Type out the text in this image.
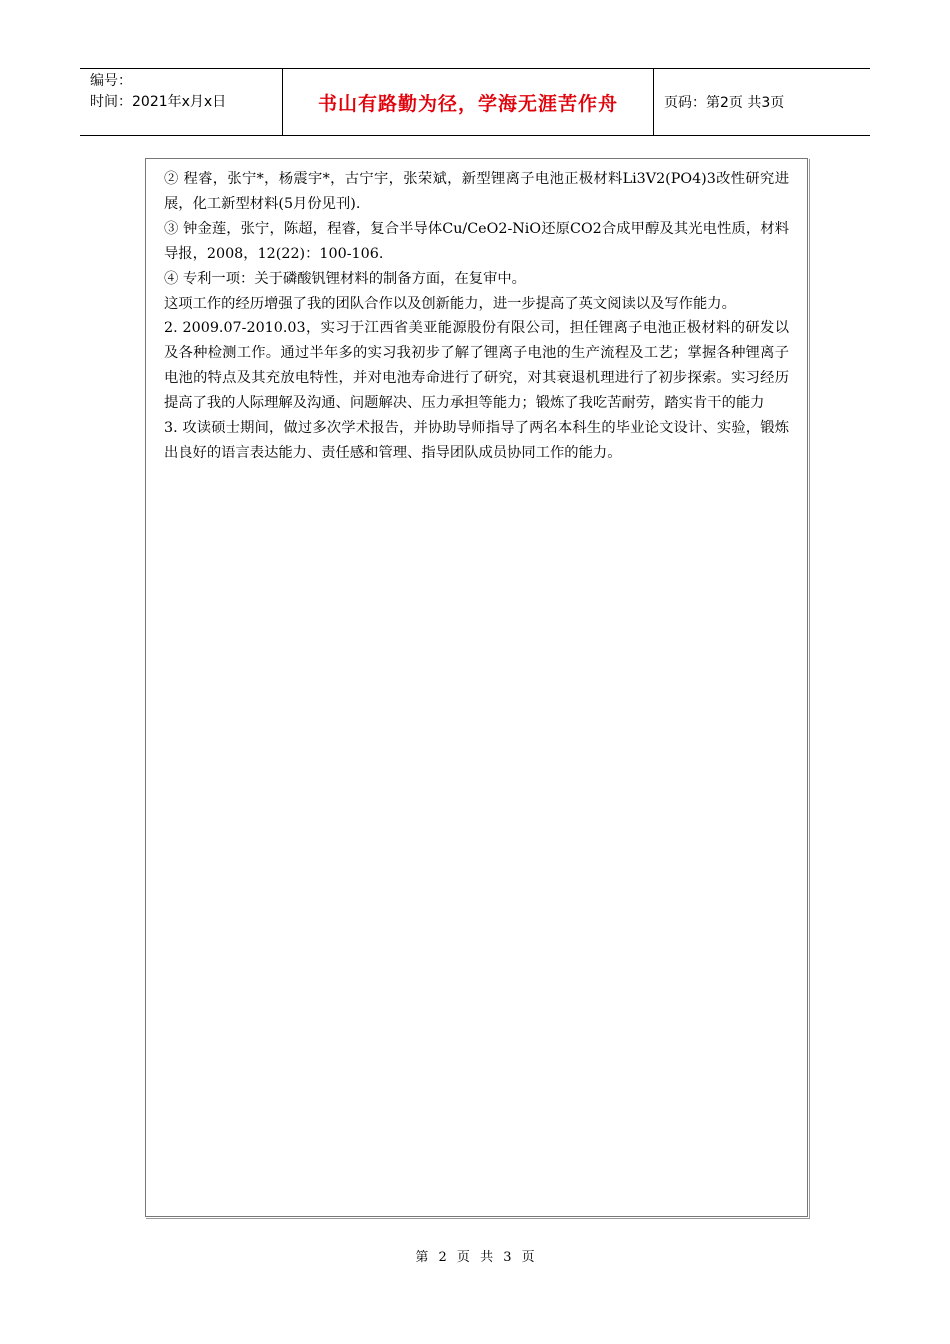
编号：
时间：2021年x月x日	书山有路勤为径，学海无涯苦作舟	页码：第2页 共3页

② 程睿，张宁*，杨震宇*，古宁宇，张荣斌，新型锂离子电池正极材料Li3V2(PO4)3改性研究进展，化工新型材料(5月份见刊).

③ 钟金莲，张宁，陈超，程睿，复合半导体Cu/CeO2-NiO还原CO2合成甲醇及其光电性质，材料导报，2008，12(22)：100-106.

④ 专利一项：关于磷酸钒锂材料的制备方面，在复审中。

这项工作的经历增强了我的团队合作以及创新能力，进一步提高了英文阅读以及写作能力。

2. 2009.07-2010.03，实习于江西省美亚能源股份有限公司，担任锂离子电池正极材料的研发以及各种检测工作。通过半年多的实习我初步了解了锂离子电池的生产流程及工艺；掌握各种锂离子电池的特点及其充放电特性，并对电池寿命进行了研究，对其衰退机理进行了初步探索。实习经历提高了我的人际理解及沟通、问题解决、压力承担等能力；锻炼了我吃苦耐劳，踏实肯干的能力

3. 攻读硕士期间，做过多次学术报告，并协助导师指导了两名本科生的毕业论文设计、实验，锻炼出良好的语言表达能力、责任感和管理、指导团队成员协同工作的能力。

第 2 页 共 3 页
